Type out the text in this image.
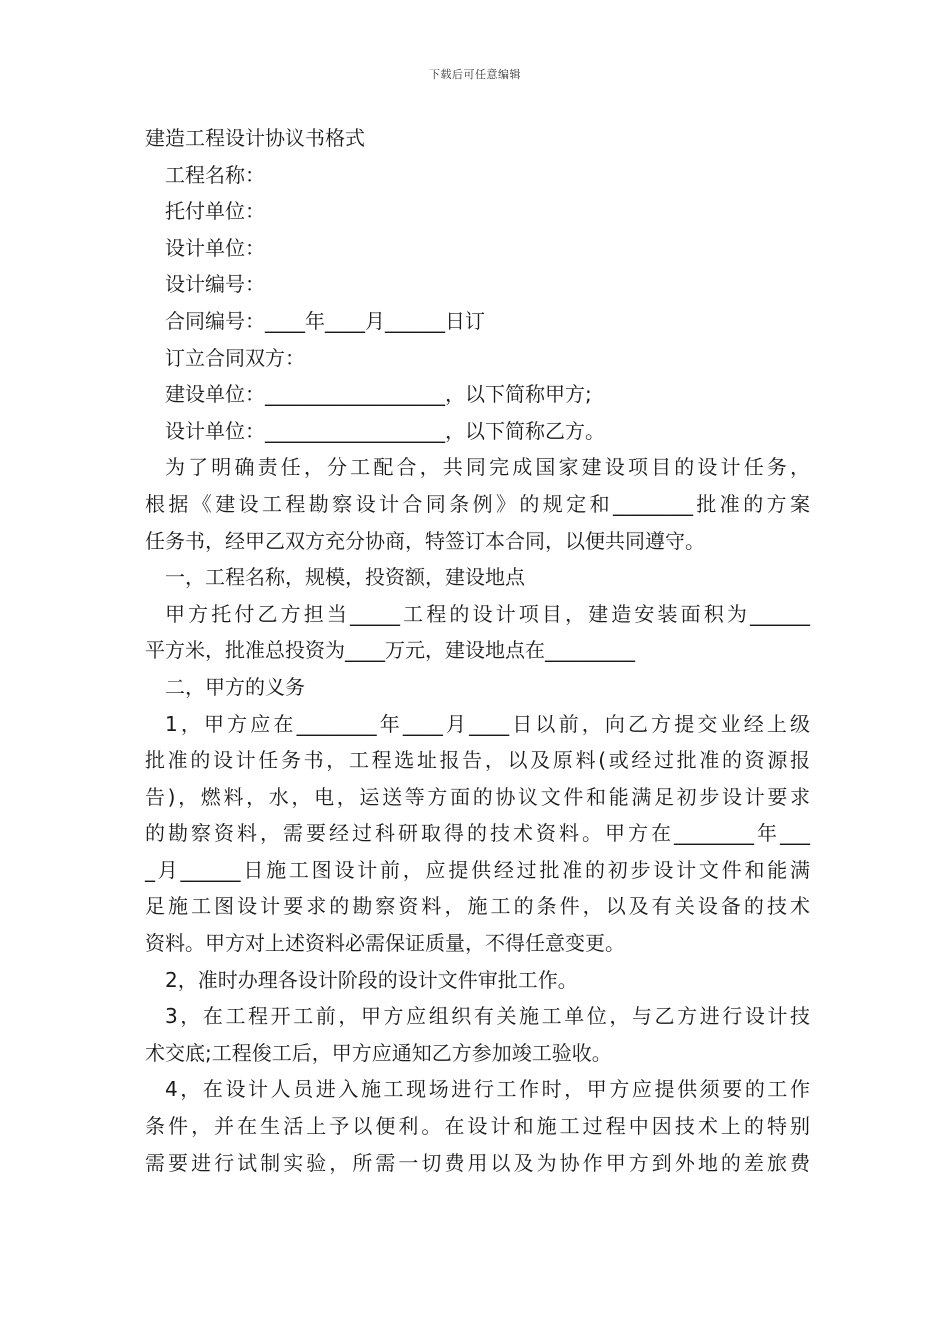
下载后可任意编辑
建造工程设计协议书格式
工程名称：
托付单位：
设计单位：
设计编号：
合同编号：____年____月______日订
订立合同双方：
建设单位：__________________，以下简称甲方;
设计单位：__________________，以下简称乙方。
为了明确责任，分工配合，共同完成国家建设项目的设计任务，
根据《建设工程勘察设计合同条例》的规定和________批准的方案
任务书，经甲乙双方充分协商，特签订本合同，以便共同遵守。
一，工程名称，规模，投资额，建设地点
甲方托付乙方担当_____工程的设计项目，建造安装面积为______
平方米，批准总投资为____万元，建设地点在_________
二，甲方的义务
1，甲方应在________年____月____日以前，向乙方提交业经上级
批准的设计任务书，工程选址报告，以及原料(或经过批准的资源报
告)，燃料，水，电，运送等方面的协议文件和能满足初步设计要求
的勘察资料，需要经过科研取得的技术资料。甲方在________年___
_月______日施工图设计前，应提供经过批准的初步设计文件和能满
足施工图设计要求的勘察资料，施工的条件，以及有关设备的技术
资料。甲方对上述资料必需保证质量，不得任意变更。
2，准时办理各设计阶段的设计文件审批工作。
3，在工程开工前，甲方应组织有关施工单位，与乙方进行设计技
术交底;工程俊工后，甲方应通知乙方参加竣工验收。
4，在设计人员进入施工现场进行工作时，甲方应提供须要的工作
条件，并在生活上予以便利。在设计和施工过程中因技术上的特别
需要进行试制实验，所需一切费用以及为协作甲方到外地的差旅费
